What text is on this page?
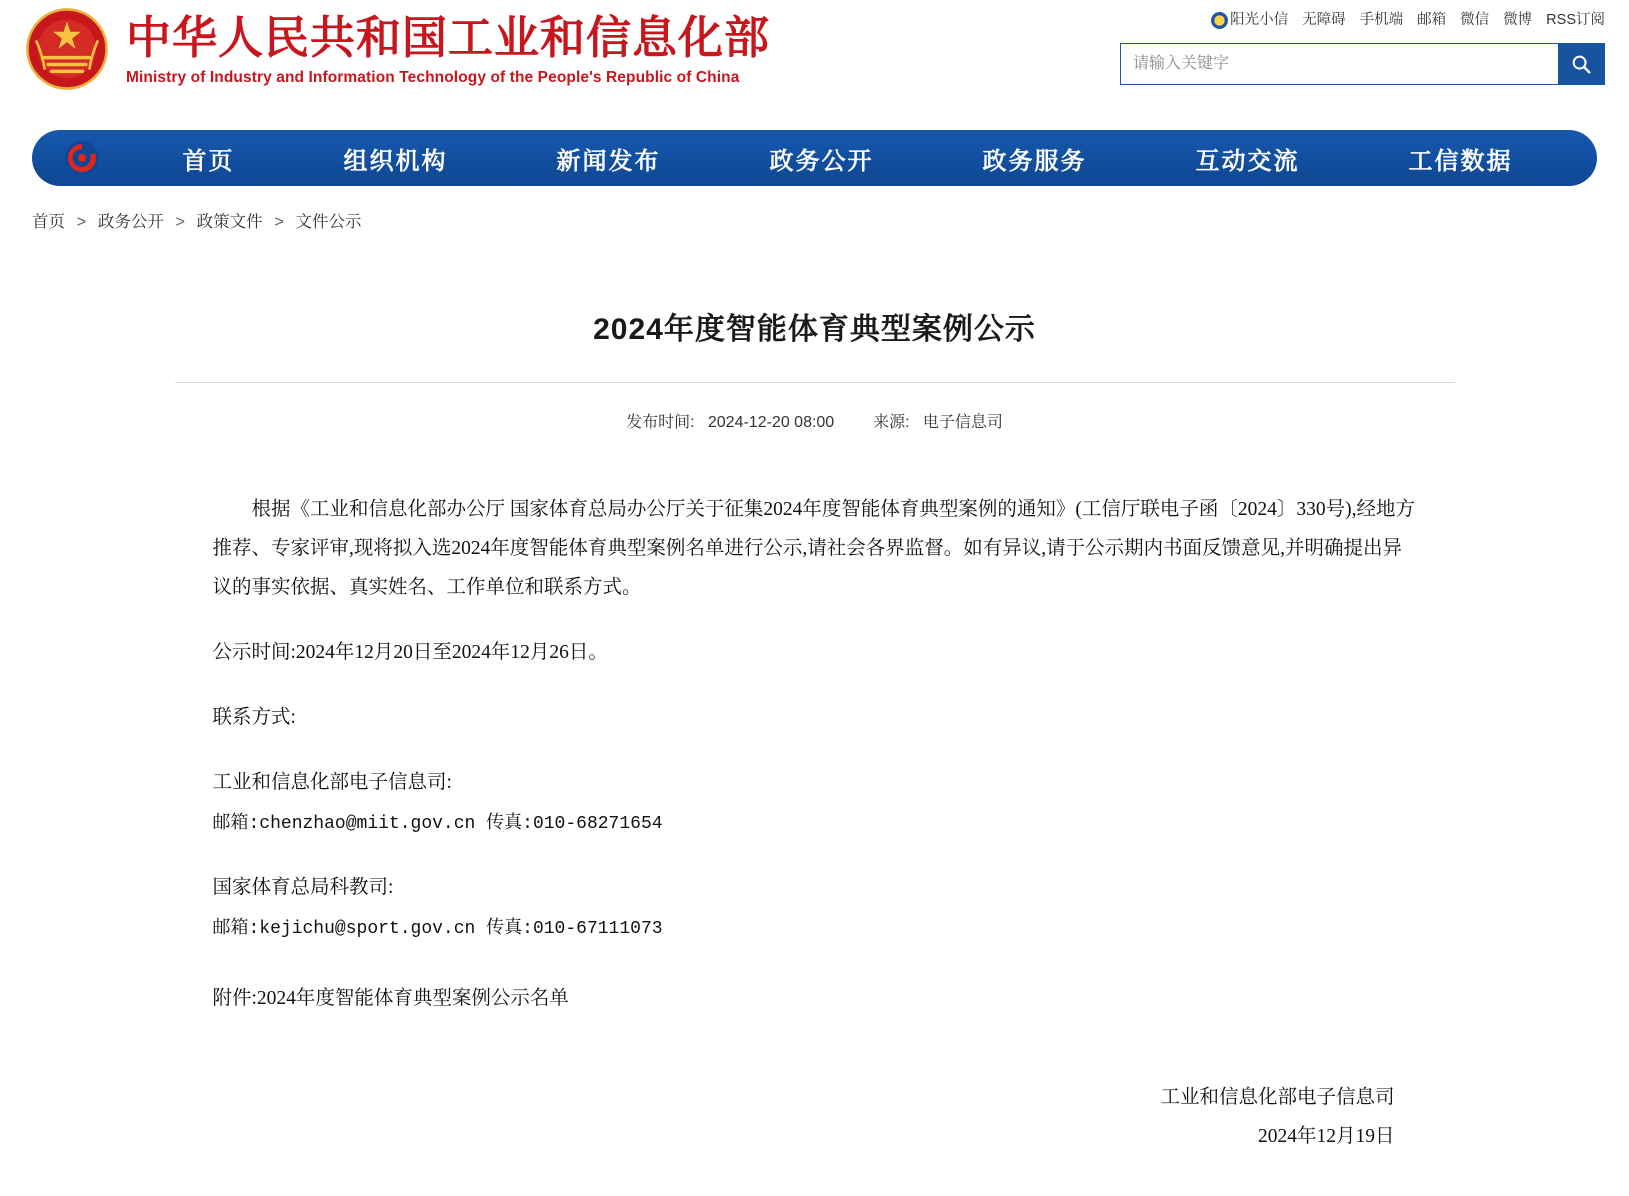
中华人民共和国工业和信息化部
Ministry of Industry and Information Technology of the People's Republic of China
阳光小信 无障碍 手机端 邮箱 微信 微博 RSS订阅
请输入关键字
首页	组织机构	新闻发布	政务公开	政务服务	互动交流	工信数据
首页 > 政务公开 > 政策文件 > 文件公示
2024年度智能体育典型案例公示
发布时间: 2024-12-20 08:00 来源: 电子信息司

根据《工业和信息化部办公厅 国家体育总局办公厅关于征集2024年度智能体育典型案例的通知》(工信厅联电子函〔2024〕330号),经地方推荐、专家评审,现将拟入选2024年度智能体育典型案例名单进行公示,请社会各界监督。如有异议,请于公示期内书面反馈意见,并明确提出异议的事实依据、真实姓名、工作单位和联系方式。

公示时间:2024年12月20日至2024年12月26日。

联系方式:

工业和信息化部电子信息司:

邮箱:chenzhao@miit.gov.cn 传真:010-68271654

国家体育总局科教司:

邮箱:kejichu@sport.gov.cn 传真:010-67111073

附件:2024年度智能体育典型案例公示名单

工业和信息化部电子信息司
2024年12月19日
